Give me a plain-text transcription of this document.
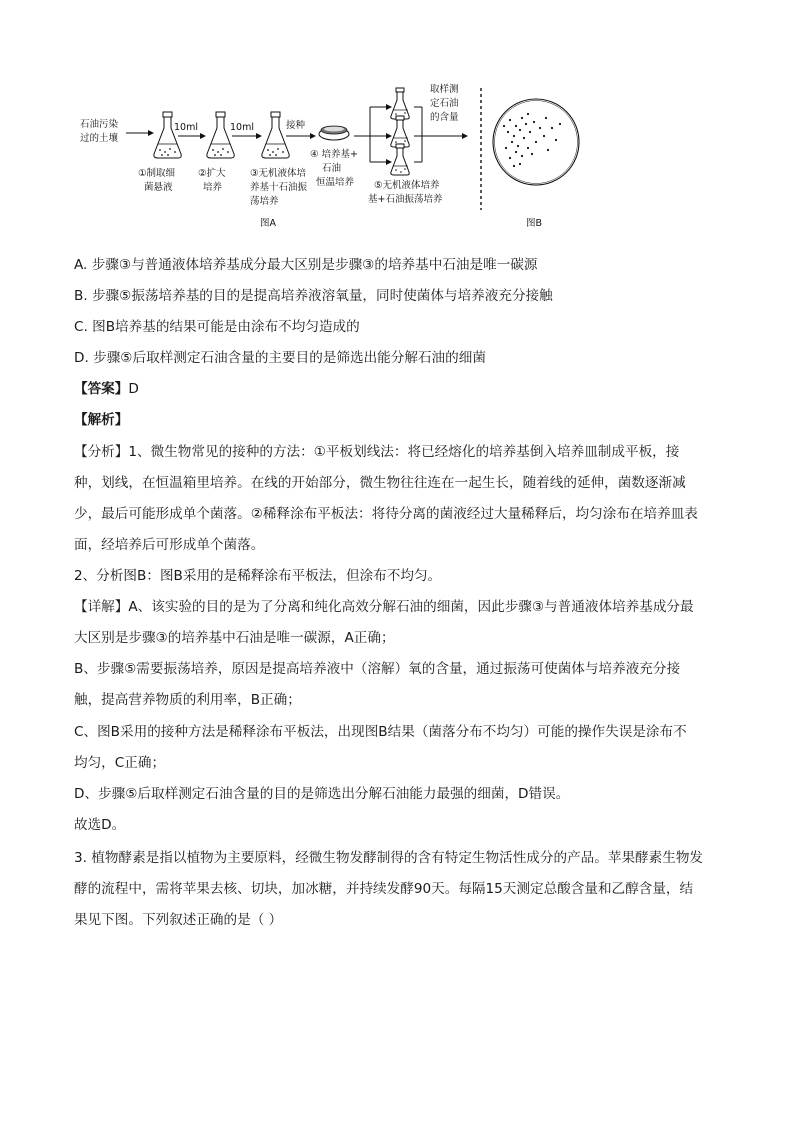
石油污染
过的土壤
①制取细
菌悬液
10ml
②扩大
培养
10ml
③无机液体培
养基十石油振
荡培养
接种
④ 培养基+
石油
恒温培养 ⑤无机液体培养
基+石油振荡培养
取样测
定石油
的含量
图A	图B
A. 步骤③与普通液体培养基成分最大区别是步骤③的培养基中石油是唯一碳源
B. 步骤⑤振荡培养基的目的是提高培养液溶氧量，同时使菌体与培养液充分接触
C. 图B培养基的结果可能是由涂布不均匀造成的
D. 步骤⑤后取样测定石油含量的主要目的是筛选出能分解石油的细菌
【答案】D
【解析】
【分析】1、微生物常见的接种的方法：①平板划线法：将已经熔化的培养基倒入培养皿制成平板，接
种，划线，在恒温箱里培养。在线的开始部分，微生物往往连在一起生长，随着线的延伸，菌数逐渐减
少，最后可能形成单个菌落。②稀释涂布平板法：将待分离的菌液经过大量稀释后，均匀涂布在培养皿表
面，经培养后可形成单个菌落。
2、分析图B：图B采用的是稀释涂布平板法，但涂布不均匀。
【详解】A、该实验的目的是为了分离和纯化高效分解石油的细菌，因此步骤③与普通液体培养基成分最
大区别是步骤③的培养基中石油是唯一碳源，A正确；
B、步骤⑤需要振荡培养，原因是提高培养液中（溶解）氧的含量，通过振荡可使菌体与培养液充分接
触，提高营养物质的利用率，B正确；
C、图B采用的接种方法是稀释涂布平板法，出现图B结果（菌落分布不均匀）可能的操作失误是涂布不
均匀，C正确；
D、步骤⑤后取样测定石油含量的目的是筛选出分解石油能力最强的细菌，D错误。
故选D。
3. 植物酵素是指以植物为主要原料，经微生物发酵制得的含有特定生物活性成分的产品。苹果酵素生物发
酵的流程中，需将苹果去核、切块，加冰糖，并持续发酵90天。每隔15天测定总酸含量和乙醇含量，结
果见下图。下列叙述正确的是（ ）
